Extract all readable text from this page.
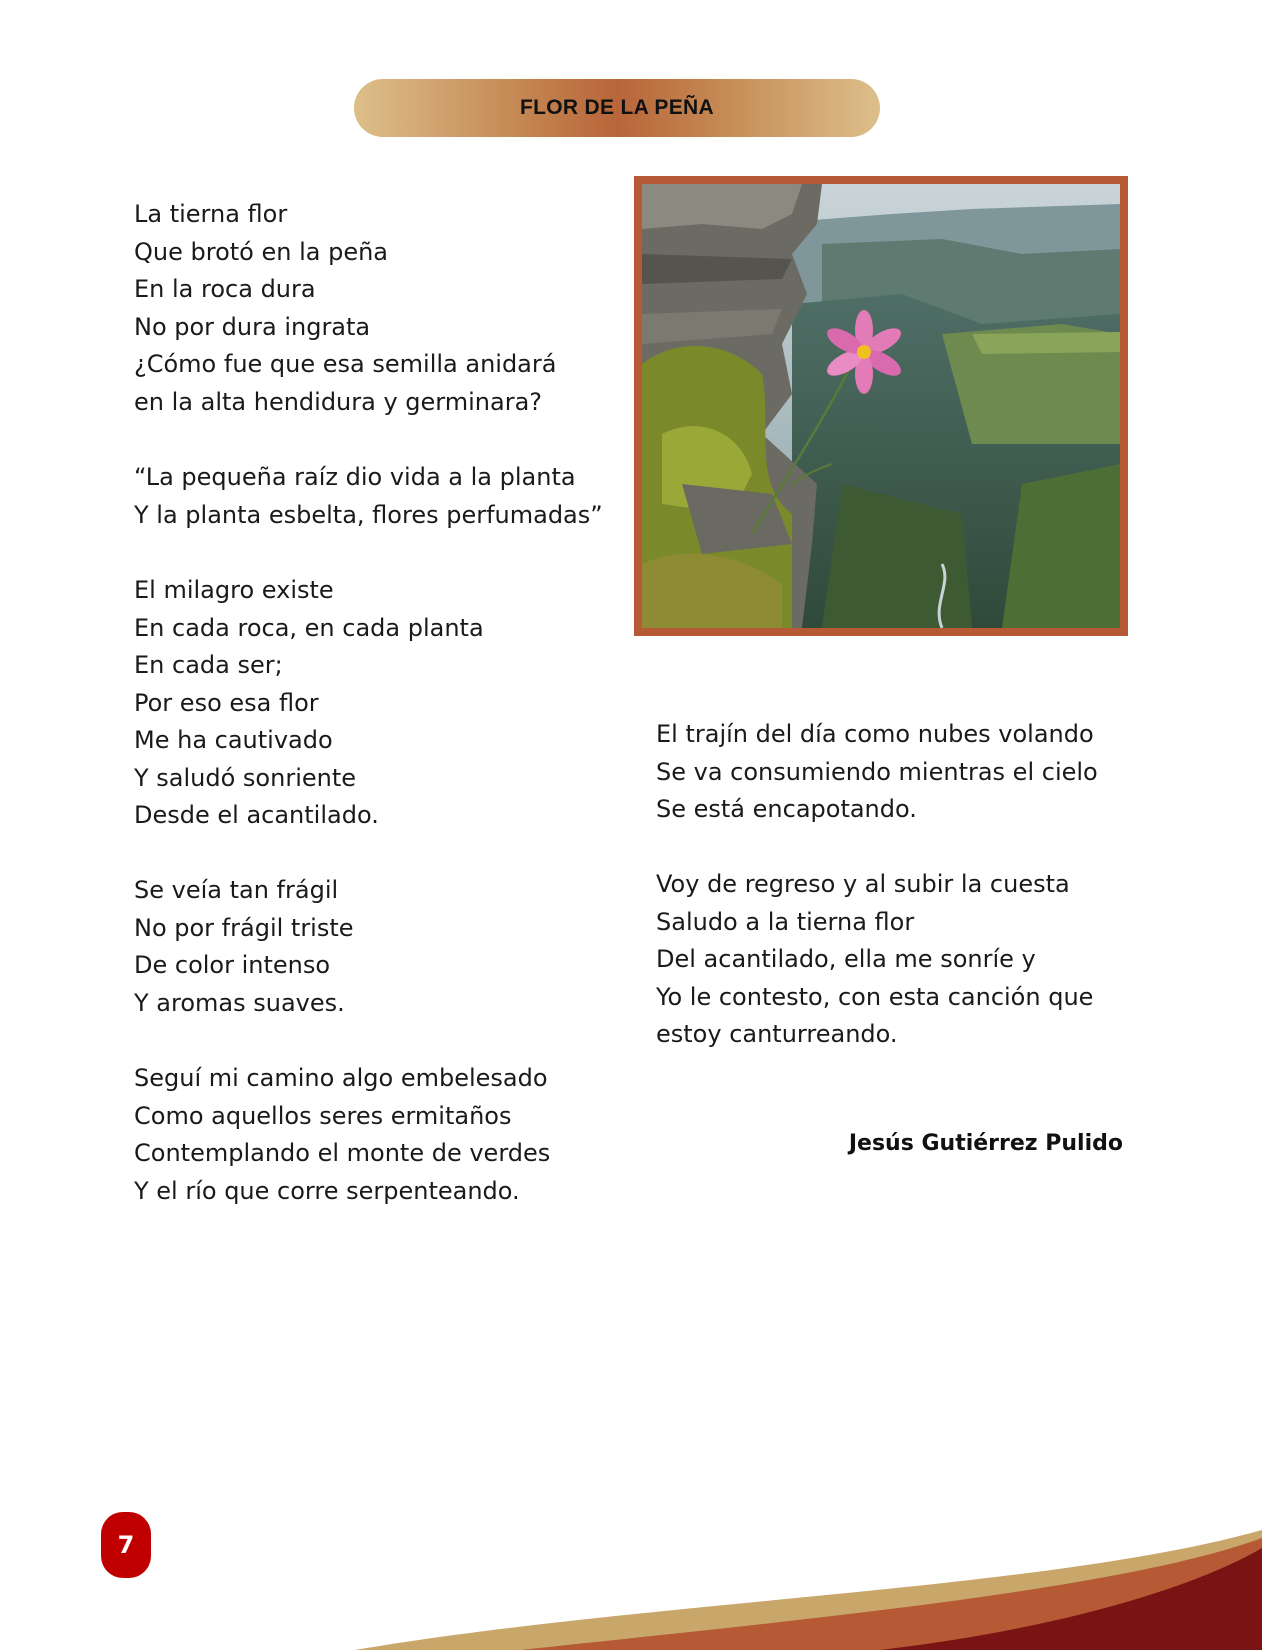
FLOR DE LA PEÑA

La tierna flor
Que brotó en la peña
En la roca dura
No por dura ingrata
¿Cómo fue que esa semilla anidará
en la alta hendidura y germinara?

“La pequeña raíz dio vida a la planta
Y la planta esbelta, flores perfumadas”

El milagro existe
En cada roca, en cada planta
En cada ser;
Por eso esa flor
Me ha cautivado
Y saludó sonriente
Desde el acantilado.

Se veía tan frágil
No por frágil triste
De color intenso
Y aromas suaves.

Seguí mi camino algo embelesado
Como aquellos seres ermitaños
Contemplando el monte de verdes
Y el río que corre serpenteando.

El trajín del día como nubes volando
Se va consumiendo mientras el cielo
Se está encapotando.

Voy de regreso y al subir la cuesta
Saludo a la tierna flor
Del acantilado, ella me sonríe y
Yo le contesto, con esta canción que
estoy canturreando.

Jesús Gutiérrez Pulido
7
